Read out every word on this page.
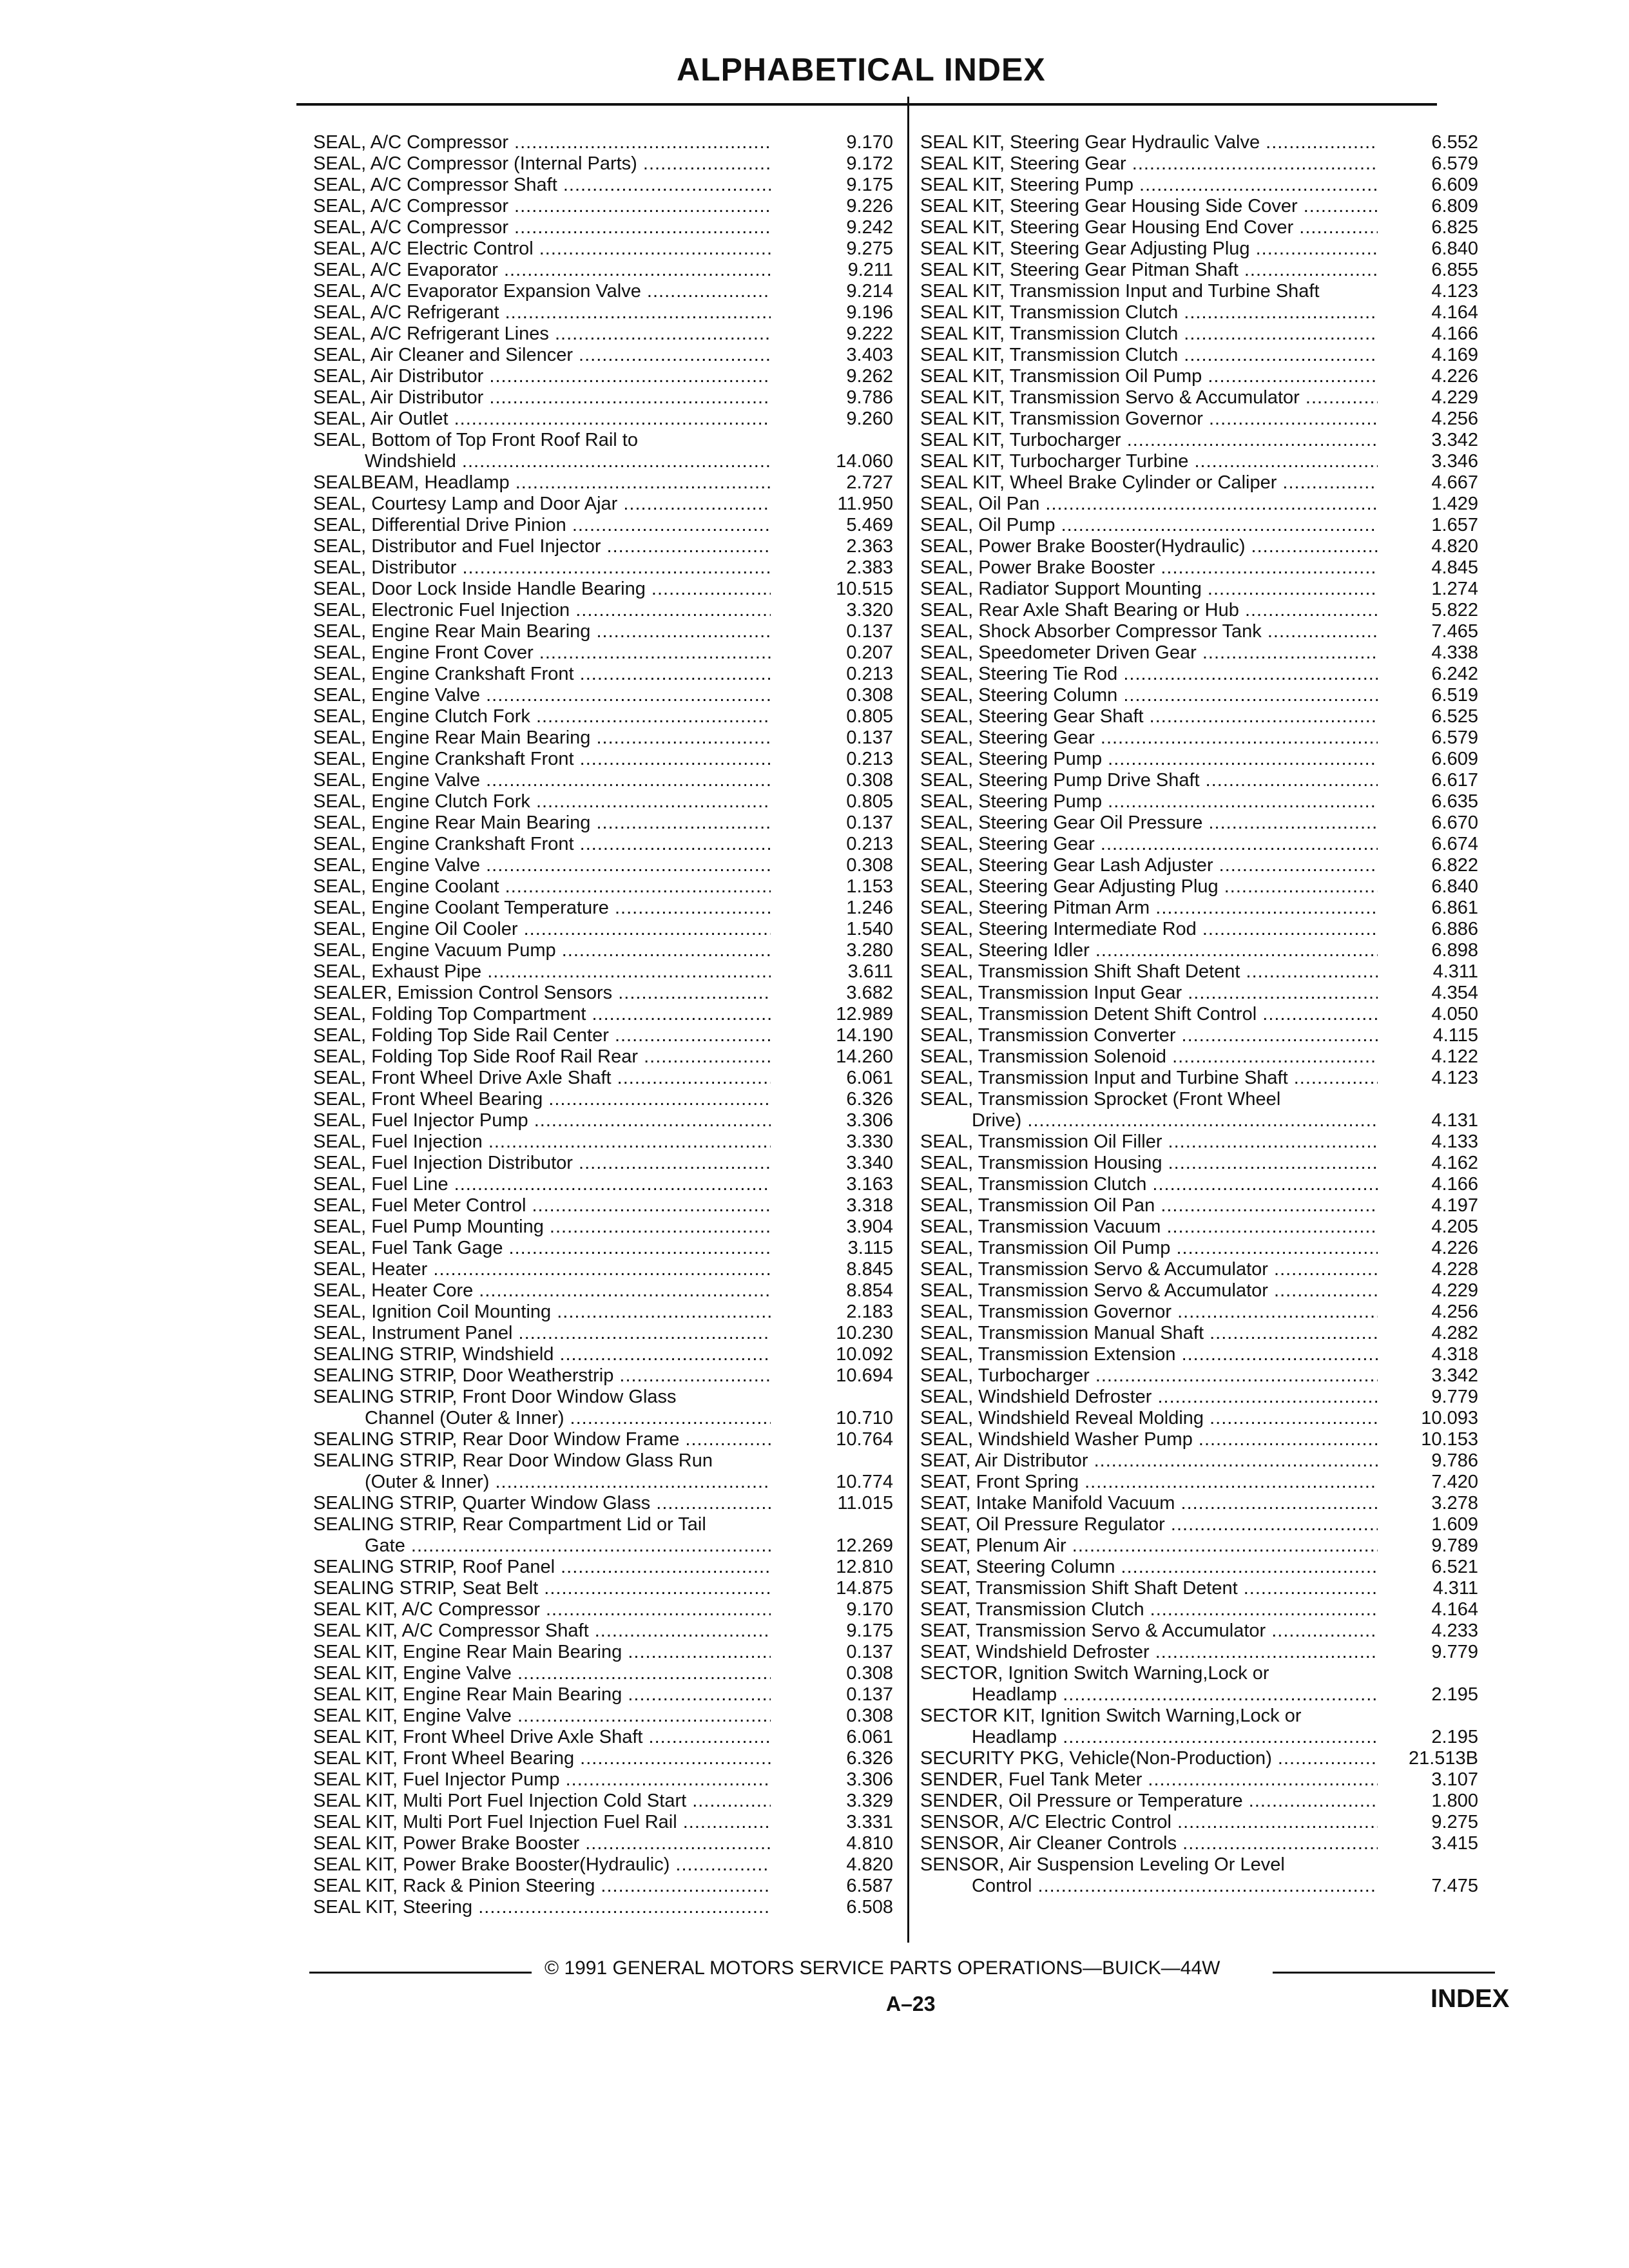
ALPHABETICAL INDEX
SEAL, A/C Compressor .....	9.170
SEAL, A/C Compressor (Internal Parts) .....	9.172
SEAL, A/C Compressor Shaft .....	9.175
SEAL, A/C Compressor .....	9.226
SEAL, A/C Compressor .....	9.242
SEAL, A/C Electric Control .....	9.275
SEAL, A/C Evaporator .....	9.211
SEAL, A/C Evaporator Expansion Valve .....	9.214
SEAL, A/C Refrigerant .....	9.196
SEAL, A/C Refrigerant Lines .....	9.222
SEAL, Air Cleaner and Silencer .....	3.403
SEAL, Air Distributor .....	9.262
SEAL, Air Distributor .....	9.786
SEAL, Air Outlet .....	9.260
SEAL, Bottom of Top Front Roof Rail to
Windshield .....	14.060
SEALBEAM, Headlamp .....	2.727
SEAL, Courtesy Lamp and Door Ajar .....	11.950
SEAL, Differential Drive Pinion .....	5.469
SEAL, Distributor and Fuel Injector .....	2.363
SEAL, Distributor .....	2.383
SEAL, Door Lock Inside Handle Bearing .....	10.515
SEAL, Electronic Fuel Injection .....	3.320
SEAL, Engine Rear Main Bearing .....	0.137
SEAL, Engine Front Cover .....	0.207
SEAL, Engine Crankshaft Front .....	0.213
SEAL, Engine Valve .....	0.308
SEAL, Engine Clutch Fork .....	0.805
SEAL, Engine Rear Main Bearing .....	0.137
SEAL, Engine Crankshaft Front .....	0.213
SEAL, Engine Valve .....	0.308
SEAL, Engine Clutch Fork .....	0.805
SEAL, Engine Rear Main Bearing .....	0.137
SEAL, Engine Crankshaft Front .....	0.213
SEAL, Engine Valve .....	0.308
SEAL, Engine Coolant .....	1.153
SEAL, Engine Coolant Temperature .....	1.246
SEAL, Engine Oil Cooler .....	1.540
SEAL, Engine Vacuum Pump .....	3.280
SEAL, Exhaust Pipe .....	3.611
SEALER, Emission Control Sensors .....	3.682
SEAL, Folding Top Compartment .....	12.989
SEAL, Folding Top Side Rail Center .....	14.190
SEAL, Folding Top Side Roof Rail Rear .....	14.260
SEAL, Front Wheel Drive Axle Shaft .....	6.061
SEAL, Front Wheel Bearing .....	6.326
SEAL, Fuel Injector Pump .....	3.306
SEAL, Fuel Injection .....	3.330
SEAL, Fuel Injection Distributor .....	3.340
SEAL, Fuel Line .....	3.163
SEAL, Fuel Meter Control .....	3.318
SEAL, Fuel Pump Mounting .....	3.904
SEAL, Fuel Tank Gage .....	3.115
SEAL, Heater .....	8.845
SEAL, Heater Core .....	8.854
SEAL, Ignition Coil Mounting .....	2.183
SEAL, Instrument Panel .....	10.230
SEALING STRIP, Windshield .....	10.092
SEALING STRIP, Door Weatherstrip .....	10.694
SEALING STRIP, Front Door Window Glass
Channel (Outer & Inner) .....	10.710
SEALING STRIP, Rear Door Window Frame .....	10.764
SEALING STRIP, Rear Door Window Glass Run
(Outer & Inner) .....	10.774
SEALING STRIP, Quarter Window Glass .....	11.015
SEALING STRIP, Rear Compartment Lid or Tail
Gate .....	12.269
SEALING STRIP, Roof Panel .....	12.810
SEALING STRIP, Seat Belt .....	14.875
SEAL KIT, A/C Compressor .....	9.170
SEAL KIT, A/C Compressor Shaft .....	9.175
SEAL KIT, Engine Rear Main Bearing .....	0.137
SEAL KIT, Engine Valve .....	0.308
SEAL KIT, Engine Rear Main Bearing .....	0.137
SEAL KIT, Engine Valve .....	0.308
SEAL KIT, Front Wheel Drive Axle Shaft .....	6.061
SEAL KIT, Front Wheel Bearing .....	6.326
SEAL KIT, Fuel Injector Pump .....	3.306
SEAL KIT, Multi Port Fuel Injection Cold Start .....	3.329
SEAL KIT, Multi Port Fuel Injection Fuel Rail .....	3.331
SEAL KIT, Power Brake Booster .....	4.810
SEAL KIT, Power Brake Booster(Hydraulic) .....	4.820
SEAL KIT, Rack & Pinion Steering .....	6.587
SEAL KIT, Steering .....	6.508
SEAL KIT, Steering Gear Hydraulic Valve .....	6.552
SEAL KIT, Steering Gear .....	6.579
SEAL KIT, Steering Pump .....	6.609
SEAL KIT, Steering Gear Housing Side Cover .....	6.809
SEAL KIT, Steering Gear Housing End Cover .....	6.825
SEAL KIT, Steering Gear Adjusting Plug .....	6.840
SEAL KIT, Steering Gear Pitman Shaft .....	6.855
SEAL KIT, Transmission Input and Turbine Shaft	4.123
SEAL KIT, Transmission Clutch .....	4.164
SEAL KIT, Transmission Clutch .....	4.166
SEAL KIT, Transmission Clutch .....	4.169
SEAL KIT, Transmission Oil Pump .....	4.226
SEAL KIT, Transmission Servo & Accumulator .....	4.229
SEAL KIT, Transmission Governor .....	4.256
SEAL KIT, Turbocharger .....	3.342
SEAL KIT, Turbocharger Turbine .....	3.346
SEAL KIT, Wheel Brake Cylinder or Caliper .....	4.667
SEAL, Oil Pan .....	1.429
SEAL, Oil Pump .....	1.657
SEAL, Power Brake Booster(Hydraulic) .....	4.820
SEAL, Power Brake Booster .....	4.845
SEAL, Radiator Support Mounting .....	1.274
SEAL, Rear Axle Shaft Bearing or Hub .....	5.822
SEAL, Shock Absorber Compressor Tank .....	7.465
SEAL, Speedometer Driven Gear .....	4.338
SEAL, Steering Tie Rod .....	6.242
SEAL, Steering Column .....	6.519
SEAL, Steering Gear Shaft .....	6.525
SEAL, Steering Gear .....	6.579
SEAL, Steering Pump .....	6.609
SEAL, Steering Pump Drive Shaft .....	6.617
SEAL, Steering Pump .....	6.635
SEAL, Steering Gear Oil Pressure .....	6.670
SEAL, Steering Gear .....	6.674
SEAL, Steering Gear Lash Adjuster .....	6.822
SEAL, Steering Gear Adjusting Plug .....	6.840
SEAL, Steering Pitman Arm .....	6.861
SEAL, Steering Intermediate Rod .....	6.886
SEAL, Steering Idler .....	6.898
SEAL, Transmission Shift Shaft Detent .....	4.311
SEAL, Transmission Input Gear .....	4.354
SEAL, Transmission Detent Shift Control .....	4.050
SEAL, Transmission Converter .....	4.115
SEAL, Transmission Solenoid .....	4.122
SEAL, Transmission Input and Turbine Shaft .....	4.123
SEAL, Transmission Sprocket (Front Wheel
Drive) .....	4.131
SEAL, Transmission Oil Filler .....	4.133
SEAL, Transmission Housing .....	4.162
SEAL, Transmission Clutch .....	4.166
SEAL, Transmission Oil Pan .....	4.197
SEAL, Transmission Vacuum .....	4.205
SEAL, Transmission Oil Pump .....	4.226
SEAL, Transmission Servo & Accumulator .....	4.228
SEAL, Transmission Servo & Accumulator .....	4.229
SEAL, Transmission Governor .....	4.256
SEAL, Transmission Manual Shaft .....	4.282
SEAL, Transmission Extension .....	4.318
SEAL, Turbocharger .....	3.342
SEAL, Windshield Defroster .....	9.779
SEAL, Windshield Reveal Molding .....	10.093
SEAL, Windshield Washer Pump .....	10.153
SEAT, Air Distributor .....	9.786
SEAT, Front Spring .....	7.420
SEAT, Intake Manifold Vacuum .....	3.278
SEAT, Oil Pressure Regulator .....	1.609
SEAT, Plenum Air .....	9.789
SEAT, Steering Column .....	6.521
SEAT, Transmission Shift Shaft Detent .....	4.311
SEAT, Transmission Clutch .....	4.164
SEAT, Transmission Servo & Accumulator .....	4.233
SEAT, Windshield Defroster .....	9.779
SECTOR, Ignition Switch Warning,Lock or
Headlamp .....	2.195
SECTOR KIT, Ignition Switch Warning,Lock or
Headlamp .....	2.195
SECURITY PKG, Vehicle(Non-Production) .....	21.513B
SENDER, Fuel Tank Meter .....	3.107
SENDER, Oil Pressure or Temperature .....	1.800
SENSOR, A/C Electric Control .....	9.275
SENSOR, Air Cleaner Controls .....	3.415
SENSOR, Air Suspension Leveling Or Level
Control .....	7.475
© 1991 GENERAL MOTORS SERVICE PARTS OPERATIONS—BUICK—44W
A–23	INDEX
